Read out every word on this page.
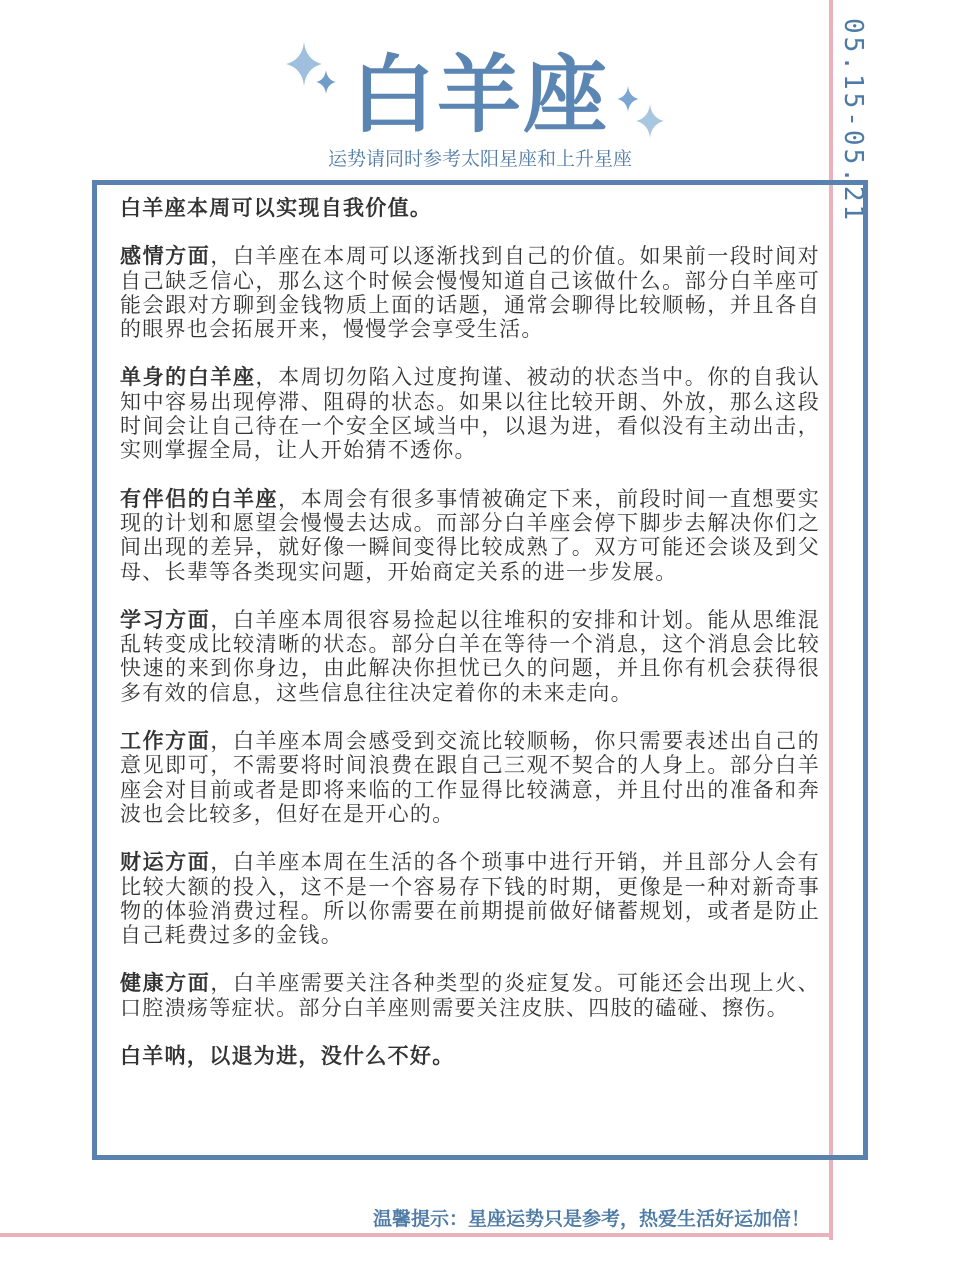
05.15-05.21
白羊座
运势请同时参考太阳星座和上升星座

白羊座本周可以实现自我价值。

感情方面，白羊座在本周可以逐渐找到自己的价值。如果前一段时间对自己缺乏信心，那么这个时候会慢慢知道自己该做什么。部分白羊座可能会跟对方聊到金钱物质上面的话题，通常会聊得比较顺畅，并且各自的眼界也会拓展开来，慢慢学会享受生活。

单身的白羊座，本周切勿陷入过度拘谨、被动的状态当中。你的自我认知中容易出现停滞、阻碍的状态。如果以往比较开朗、外放，那么这段时间会让自己待在一个安全区域当中，以退为进，看似没有主动出击，实则掌握全局，让人开始猜不透你。

有伴侣的白羊座，本周会有很多事情被确定下来，前段时间一直想要实现的计划和愿望会慢慢去达成。而部分白羊座会停下脚步去解决你们之间出现的差异，就好像一瞬间变得比较成熟了。双方可能还会谈及到父母、长辈等各类现实问题，开始商定关系的进一步发展。

学习方面，白羊座本周很容易捡起以往堆积的安排和计划。能从思维混乱转变成比较清晰的状态。部分白羊在等待一个消息，这个消息会比较快速的来到你身边，由此解决你担忧已久的问题，并且你有机会获得很多有效的信息，这些信息往往决定着你的未来走向。

工作方面，白羊座本周会感受到交流比较顺畅，你只需要表述出自己的意见即可，不需要将时间浪费在跟自己三观不契合的人身上。部分白羊座会对目前或者是即将来临的工作显得比较满意，并且付出的准备和奔波也会比较多，但好在是开心的。

财运方面，白羊座本周在生活的各个琐事中进行开销，并且部分人会有比较大额的投入，这不是一个容易存下钱的时期，更像是一种对新奇事物的体验消费过程。所以你需要在前期提前做好储蓄规划，或者是防止自己耗费过多的金钱。

健康方面，白羊座需要关注各种类型的炎症复发。可能还会出现上火、口腔溃疡等症状。部分白羊座则需要关注皮肤、四肢的磕碰、擦伤。

白羊呐，以退为进，没什么不好。

温馨提示：星座运势只是参考，热爱生活好运加倍！
